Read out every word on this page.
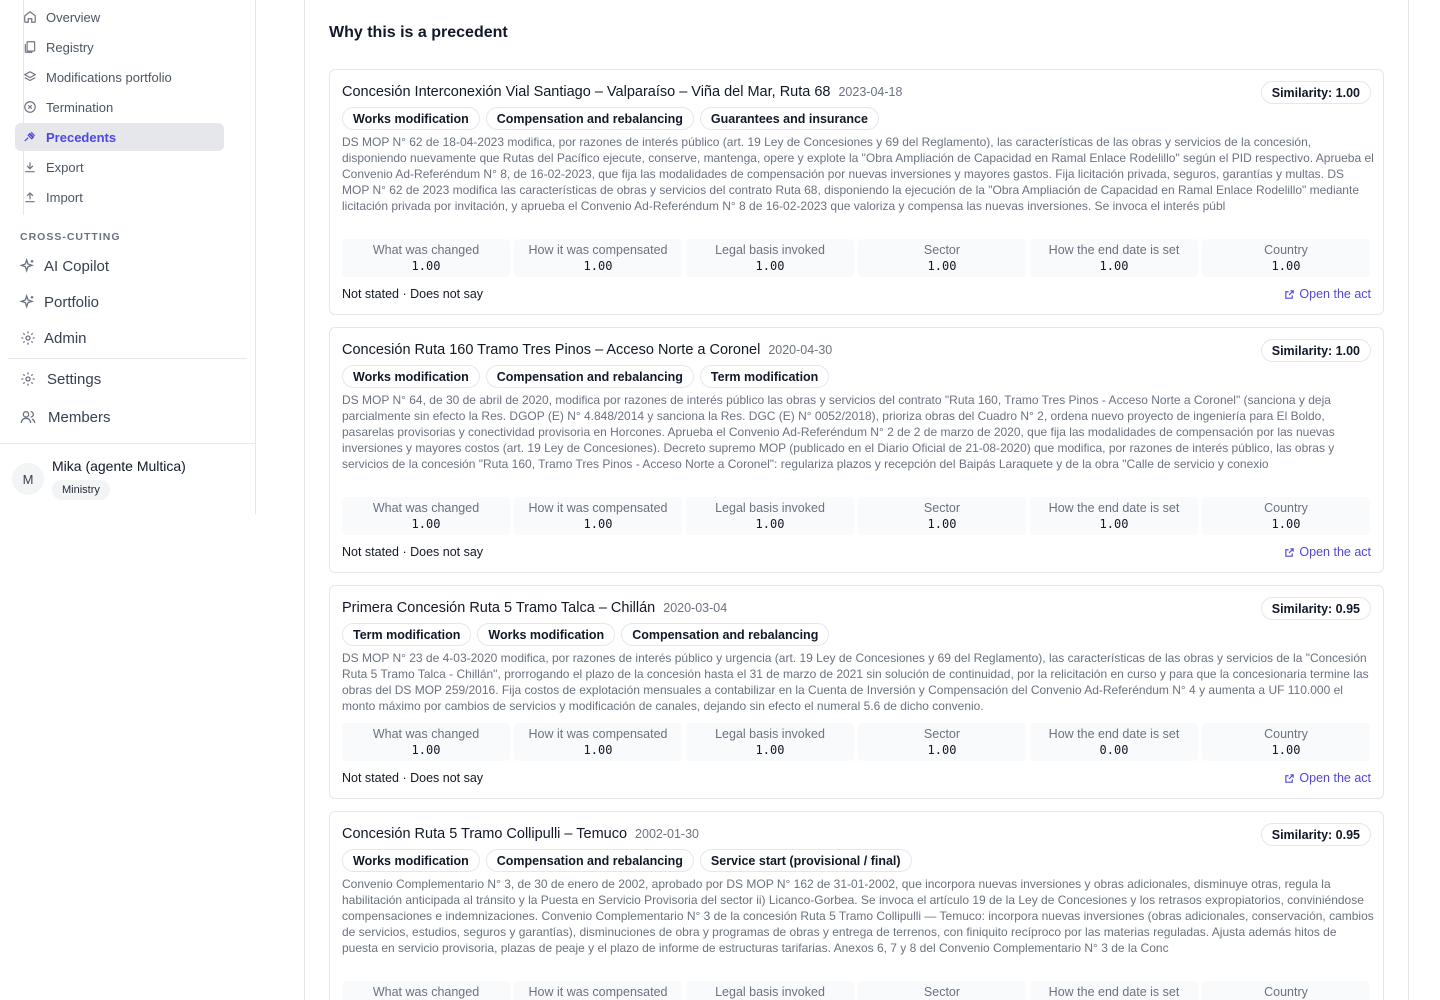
Overview
Registry
Modifications portfolio
Termination
Precedents
Export
Import
CROSS-CUTTING
AI Copilot
Portfolio
Admin
Settings
Members
M
Mika (agente Multica)
Ministry
Why this is a precedent
Concesión Interconexión Vial Santiago – Valparaíso – Viña del Mar, Ruta 68 2023-04-18	Similarity: 1.00
Works modification	Compensation and rebalancing	Guarantees and insurance

DS MOP N° 62 de 18-04-2023 modifica, por razones de interés público (art. 19 Ley de Concesiones y 69 del Reglamento), las características de las obras y servicios de la concesión, disponiendo nuevamente que Rutas del Pacífico ejecute, conserve, mantenga, opere y explote la "Obra Ampliación de Capacidad en Ramal Enlace Rodelillo" según el PID respectivo. Aprueba el Convenio Ad-Referéndum N° 8, de 16-02-2023, que fija las modalidades de compensación por nuevas inversiones y mayores gastos. Fija licitación privada, seguros, garantías y multas. DS MOP N° 62 de 2023 modifica las características de obras y servicios del contrato Ruta 68, disponiendo la ejecución de la "Obra Ampliación de Capacidad en Ramal Enlace Rodelillo" mediante licitación privada por invitación, y aprueba el Convenio Ad-Referéndum N° 8 de 16-02-2023 que valoriza y compensa las nuevas inversiones. Se invoca el interés públ

What was changed
1.00
How it was compensated
1.00
Legal basis invoked
1.00
Sector
1.00
How the end date is set
1.00
Country
1.00
Not stated · Does not say	Open the act
Concesión Ruta 160 Tramo Tres Pinos – Acceso Norte a Coronel 2020-04-30	Similarity: 1.00
Works modification	Compensation and rebalancing	Term modification

DS MOP N° 64, de 30 de abril de 2020, modifica por razones de interés público las obras y servicios del contrato "Ruta 160, Tramo Tres Pinos - Acceso Norte a Coronel" (sanciona y deja parcialmente sin efecto la Res. DGOP (E) N° 4.848/2014 y sanciona la Res. DGC (E) N° 0052/2018), prioriza obras del Cuadro N° 2, ordena nuevo proyecto de ingeniería para El Boldo, pasarelas provisorias y conectividad provisoria en Horcones. Aprueba el Convenio Ad-Referéndum N° 2 de 2 de marzo de 2020, que fija las modalidades de compensación por las nuevas inversiones y mayores costos (art. 19 Ley de Concesiones). Decreto supremo MOP (publicado en el Diario Oficial de 21-08-2020) que modifica, por razones de interés público, las obras y servicios de la concesión "Ruta 160, Tramo Tres Pinos - Acceso Norte a Coronel": regulariza plazos y recepción del Baipás Laraquete y de la obra "Calle de servicio y conexio

What was changed
1.00
How it was compensated
1.00
Legal basis invoked
1.00
Sector
1.00
How the end date is set
1.00
Country
1.00
Not stated · Does not say	Open the act
Primera Concesión Ruta 5 Tramo Talca – Chillán 2020-03-04	Similarity: 0.95
Term modification	Works modification	Compensation and rebalancing

DS MOP N° 23 de 4-03-2020 modifica, por razones de interés público y urgencia (art. 19 Ley de Concesiones y 69 del Reglamento), las características de las obras y servicios de la "Concesión Ruta 5 Tramo Talca - Chillán", prorrogando el plazo de la concesión hasta el 31 de marzo de 2021 sin solución de continuidad, por la relicitación en curso y para que la concesionaria termine las obras del DS MOP 259/2016. Fija costos de explotación mensuales a contabilizar en la Cuenta de Inversión y Compensación del Convenio Ad-Referéndum N° 4 y aumenta a UF 110.000 el monto máximo por cambios de servicios y modificación de canales, dejando sin efecto el numeral 5.6 de dicho convenio.

What was changed
1.00
How it was compensated
1.00
Legal basis invoked
1.00
Sector
1.00
How the end date is set
0.00
Country
1.00
Not stated · Does not say	Open the act
Concesión Ruta 5 Tramo Collipulli – Temuco 2002-01-30	Similarity: 0.95
Works modification	Compensation and rebalancing	Service start (provisional / final)

Convenio Complementario N° 3, de 30 de enero de 2002, aprobado por DS MOP N° 162 de 31-01-2002, que incorpora nuevas inversiones y obras adicionales, disminuye otras, regula la habilitación anticipada al tránsito y la Puesta en Servicio Provisoria del sector ii) Licanco-Gorbea. Se invoca el artículo 19 de la Ley de Concesiones y los retrasos expropiatorios, conviniéndose compensaciones e indemnizaciones. Convenio Complementario N° 3 de la concesión Ruta 5 Tramo Collipulli — Temuco: incorpora nuevas inversiones (obras adicionales, conservación, cambios de servicios, estudios, seguros y garantías), disminuciones de obra y programas de obras y entrega de terrenos, con finiquito recíproco por las materias reguladas. Ajusta además hitos de puesta en servicio provisoria, plazas de peaje y el plazo de informe de estructuras tarifarias. Anexos 6, 7 y 8 del Convenio Complementario N° 3 de la Conc

What was changed	How it was compensated	Legal basis invoked	Sector	How the end date is set	Country
